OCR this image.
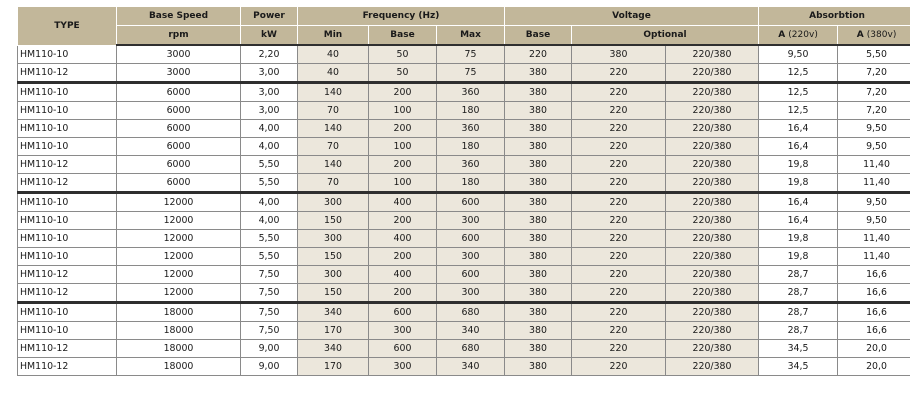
TYPE	Base Speed	Power	Frequency (Hz)			Voltage			Absorbtion	
	rpm	kW	Min	Base	Max	Base	Optional		A (220v)	A (380v)
HM110-10	3000	2,20	40	50	75	220	380	220/380	9,50	5,50
HM110-12	3000	3,00	40	50	75	380	220	220/380	12,5	7,20
HM110-10	6000	3,00	140	200	360	380	220	220/380	12,5	7,20
HM110-10	6000	3,00	70	100	180	380	220	220/380	12,5	7,20
HM110-10	6000	4,00	140	200	360	380	220	220/380	16,4	9,50
HM110-10	6000	4,00	70	100	180	380	220	220/380	16,4	9,50
HM110-12	6000	5,50	140	200	360	380	220	220/380	19,8	11,40
HM110-12	6000	5,50	70	100	180	380	220	220/380	19,8	11,40
HM110-10	12000	4,00	300	400	600	380	220	220/380	16,4	9,50
HM110-10	12000	4,00	150	200	300	380	220	220/380	16,4	9,50
HM110-10	12000	5,50	300	400	600	380	220	220/380	19,8	11,40
HM110-10	12000	5,50	150	200	300	380	220	220/380	19,8	11,40
HM110-12	12000	7,50	300	400	600	380	220	220/380	28,7	16,6
HM110-12	12000	7,50	150	200	300	380	220	220/380	28,7	16,6
HM110-10	18000	7,50	340	600	680	380	220	220/380	28,7	16,6
HM110-10	18000	7,50	170	300	340	380	220	220/380	28,7	16,6
HM110-12	18000	9,00	340	600	680	380	220	220/380	34,5	20,0
HM110-12	18000	9,00	170	300	340	380	220	220/380	34,5	20,0
